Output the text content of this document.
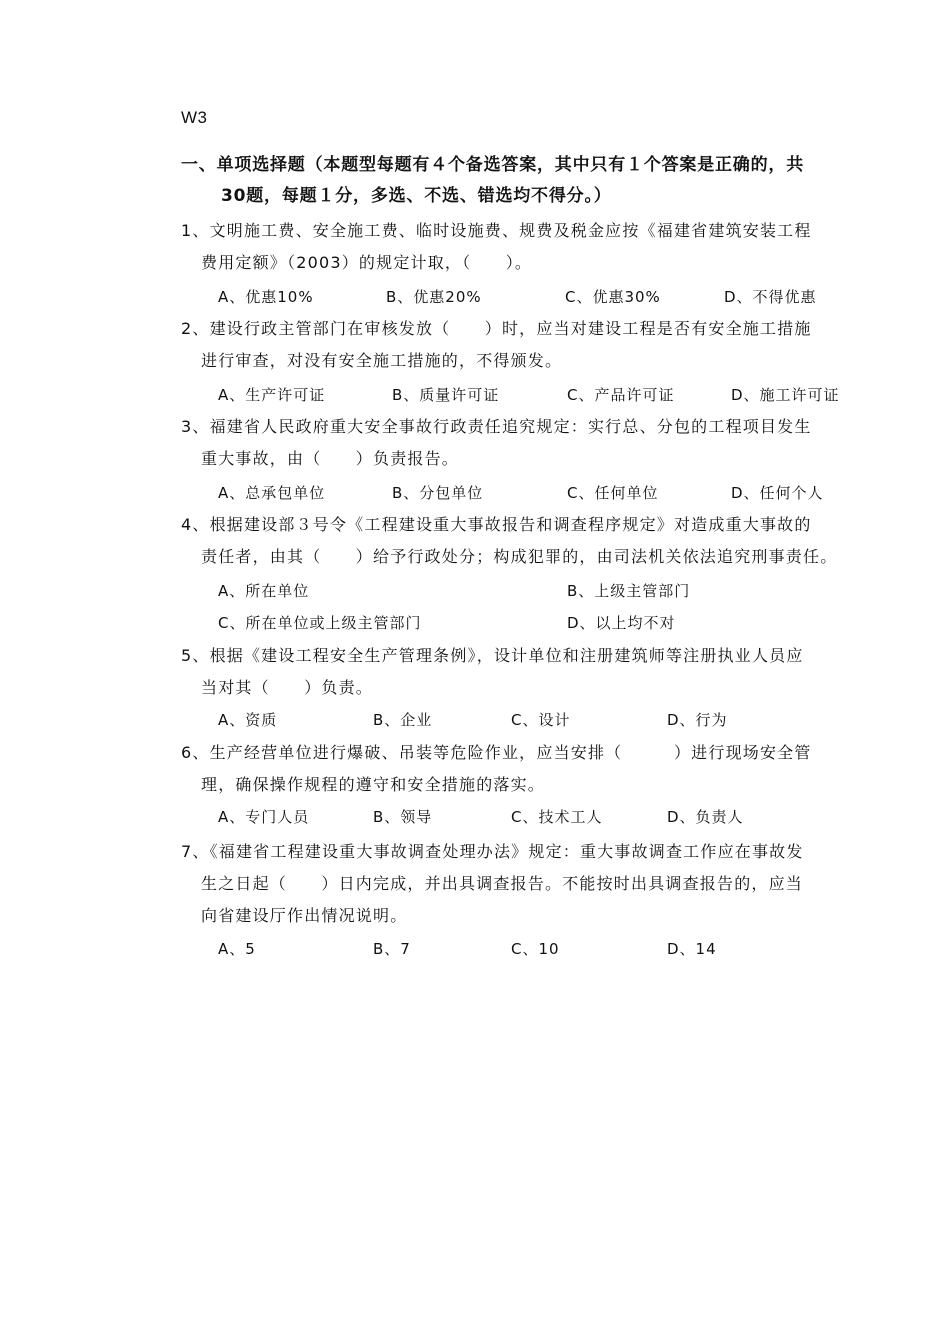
W3
一、单项选择题（本题型每题有４个备选答案，其中只有１个答案是正确的，共
30题，每题１分，多选、不选、错选均不得分。）
1、文明施工费、安全施工费、临时设施费、规费及税金应按《福建省建筑安装工程
费用定额》（2003）的规定计取，（　　）。
A、优惠10%	B、优惠20%	C、优惠30%	D、不得优惠
2、建设行政主管部门在审核发放（　　）时，应当对建设工程是否有安全施工措施
进行审查，对没有安全施工措施的，不得颁发。
A、生产许可证	B、质量许可证	C、产品许可证	D、施工许可证
3、福建省人民政府重大安全事故行政责任追究规定：实行总、分包的工程项目发生
重大事故，由（　　）负责报告。
A、总承包单位	B、分包单位	C、任何单位	D、任何个人
4、根据建设部３号令《工程建设重大事故报告和调查程序规定》对造成重大事故的
责任者，由其（　　）给予行政处分；构成犯罪的，由司法机关依法追究刑事责任。
A、所在单位	B、上级主管部门
C、所在单位或上级主管部门	D、以上均不对
5、根据《建设工程安全生产管理条例》，设计单位和注册建筑师等注册执业人员应
当对其（　　）负责。
A、资质	B、企业	C、设计	D、行为
6、生产经营单位进行爆破、吊装等危险作业，应当安排（　　　）进行现场安全管
理，确保操作规程的遵守和安全措施的落实。
A、专门人员	B、领导	C、技术工人	D、负责人
7、《福建省工程建设重大事故调查处理办法》规定：重大事故调查工作应在事故发
生之日起（　　）日内完成，并出具调查报告。不能按时出具调查报告的，应当
向省建设厅作出情况说明。
A、5	B、7	C、10	D、14
